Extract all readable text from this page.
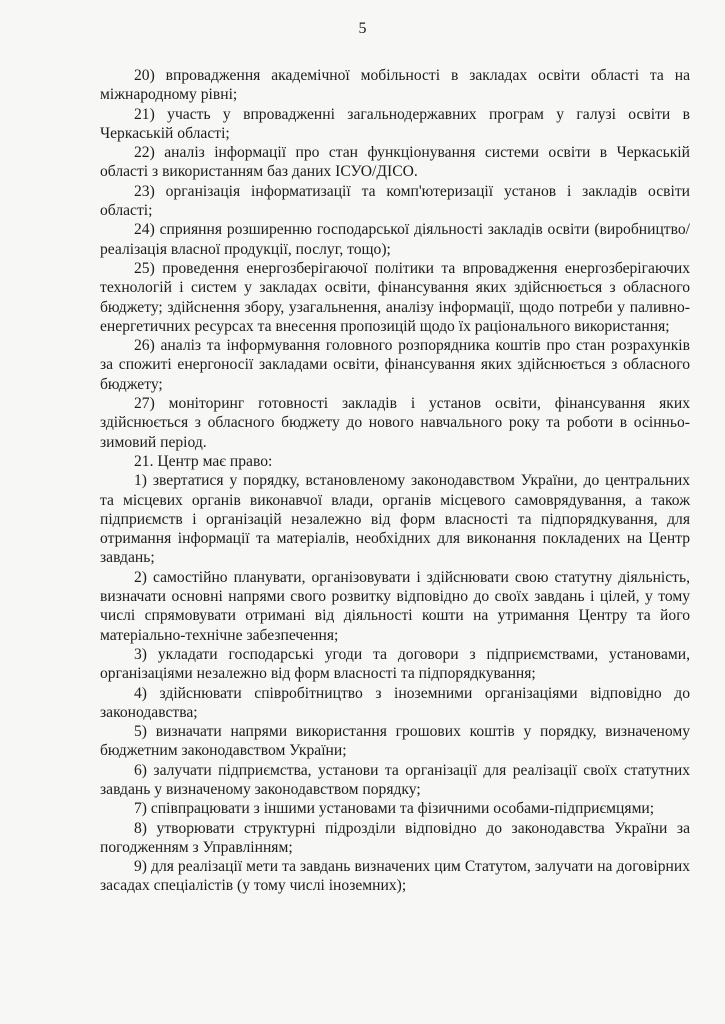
5

20) впровадження академічної мобільності в закладах освіти області та на міжнародному рівні;

21) участь у впровадженні загальнодержавних програм у галузі освіти в Черкаській області;

22) аналіз інформації про стан функціонування системи освіти в Черкаській області з використанням баз даних ІСУО/ДІСО.

23) організація інформатизації та комп'ютеризації установ і закладів освіти області;

24) сприяння розширенню господарської діяльності закладів освіти (виробництво/реалізація власної продукції, послуг, тощо);

25) проведення енергозберігаючої політики та впровадження енергозберігаючих технологій і систем у закладах освіти, фінансування яких здійснюється з обласного бюджету; здійснення збору, узагальнення, аналізу інформації, щодо потреби у паливно-енергетичних ресурсах та внесення пропозицій щодо їх раціонального використання;

26) аналіз та інформування головного розпорядника коштів про стан розрахунків за спожиті енергоносії закладами освіти, фінансування яких здійснюється з обласного бюджету;

27) моніторинг готовності закладів і установ освіти, фінансування яких здійснюється з обласного бюджету до нового навчального року та роботи в осінньо-зимовий період.

21. Центр має право:

1) звертатися у порядку, встановленому законодавством України, до центральних та місцевих органів виконавчої влади, органів місцевого самоврядування, а також підприємств і організацій незалежно від форм власності та підпорядкування, для отримання інформації та матеріалів, необхідних для виконання покладених на Центр завдань;

2) самостійно планувати, організовувати і здійснювати свою статутну діяльність, визначати основні напрями свого розвитку відповідно до своїх завдань і цілей, у тому числі спрямовувати отримані від діяльності кошти на утримання Центру та його матеріально-технічне забезпечення;

3) укладати господарські угоди та договори з підприємствами, установами, організаціями незалежно від форм власності та підпорядкування;

4) здійснювати співробітництво з іноземними організаціями відповідно до законодавства;

5) визначати напрями використання грошових коштів у порядку, визначеному бюджетним законодавством України;

6) залучати підприємства, установи та організації для реалізації своїх статутних завдань у визначеному законодавством порядку;

7) співпрацювати з іншими установами та фізичними особами-підприємцями;

8) утворювати структурні підрозділи відповідно до законодавства України за погодженням з Управлінням;

9) для реалізації мети та завдань визначених цим Статутом, залучати на договірних засадах спеціалістів (у тому числі іноземних);
